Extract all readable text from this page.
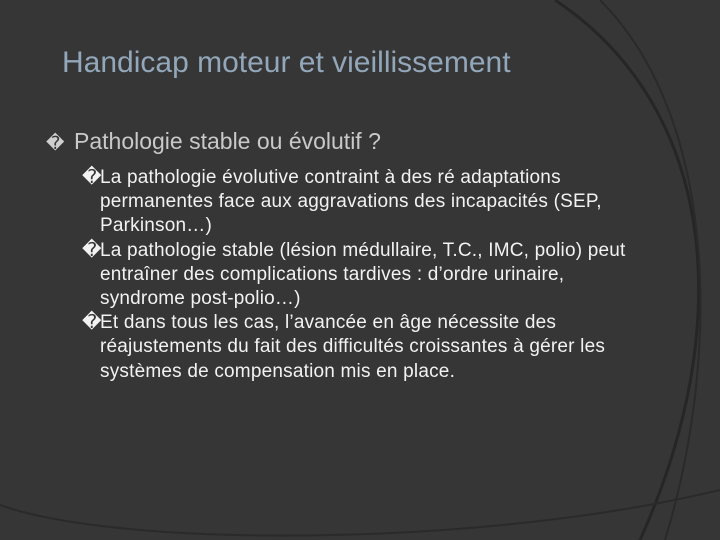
Handicap moteur et vieillissement
� Pathologie stable ou évolutif ?

�La pathologie évolutive contraint à des ré adaptations permanentes face aux aggravations des incapacités (SEP, Parkinson…)

�La pathologie stable (lésion médullaire, T.C., IMC, polio) peut entraîner des complications tardives : d’ordre urinaire, syndrome post-polio…)

�Et dans tous les cas, l’avancée en âge nécessite des réajustements du fait des difficultés croissantes à gérer les systèmes de compensation mis en place.
